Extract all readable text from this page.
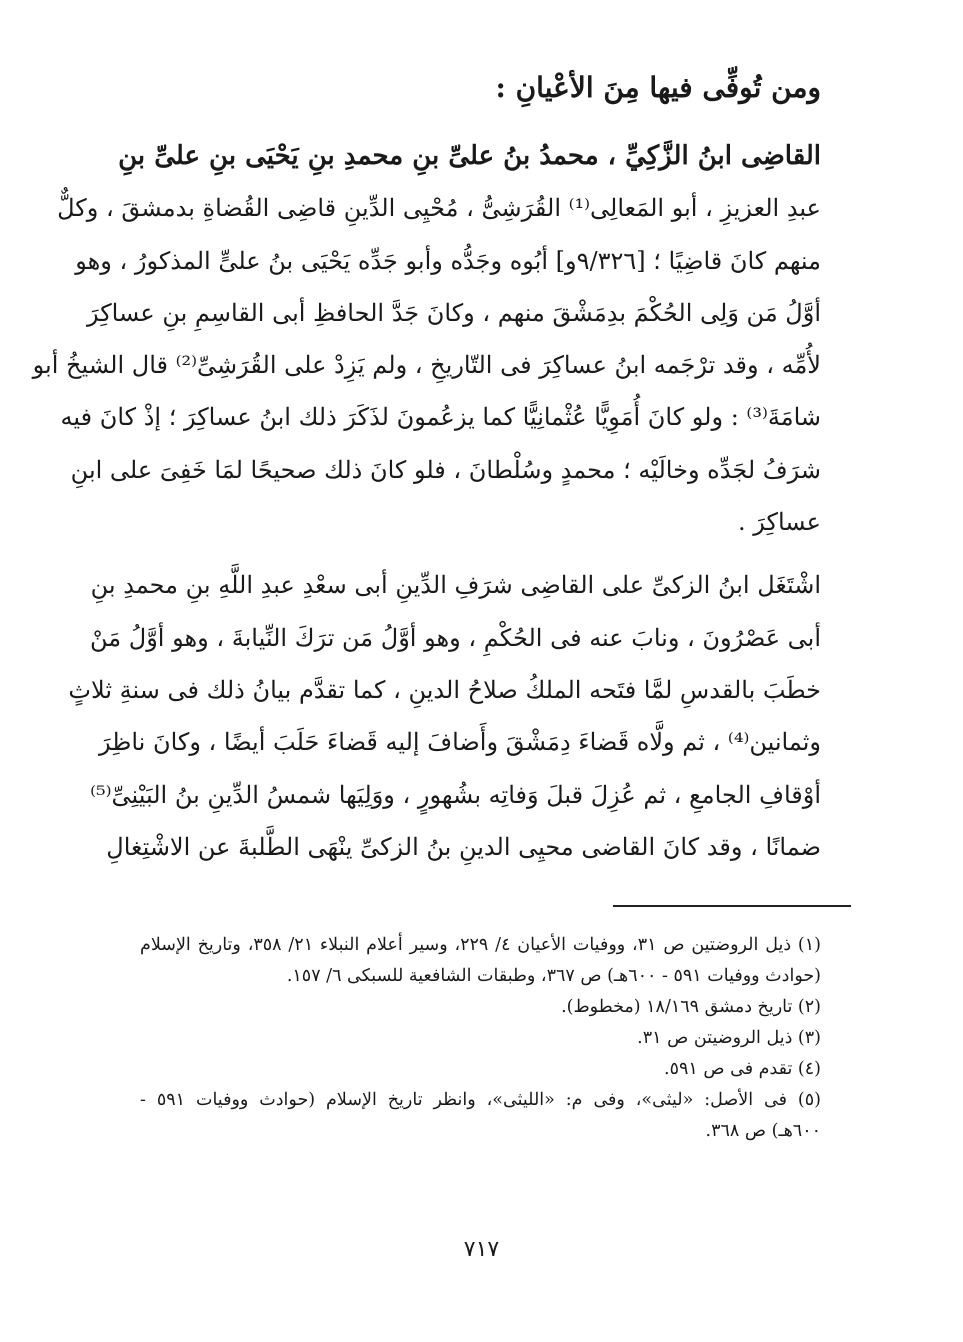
ومن تُوفِّى فيها مِنَ الأعْيانِ :
القاضِى ابنُ الزَّكِيِّ ، محمدُ بنُ علىِّ بنِ محمدِ بنِ يَحْيَى بنِ علىِّ بنِ
عبدِ العزيزِ ، أبو المَعالِى⁽¹⁾ القُرَشِىُّ ، مُحْيِى الدِّينِ قاضِى القُضاةِ بدمشقَ ، وكلٌّ
منهم كانَ قاضِيًا ؛ [٩/٣٢٦و] أبُوه وجَدُّه وأبو جَدِّه يَحْيَى بنُ علىٍّ المذكورُ ، وهو
أوَّلُ مَن وَلِى الحُكْمَ بدِمَشْقَ منهم ، وكانَ جَدَّ الحافظِ أبى القاسِمِ بنِ عساكِرَ
لأُمِّه ، وقد ترْجَمه ابنُ عساكِرَ فى التّاريخِ ، ولم يَزِدْ على القُرَشِىِّ⁽²⁾ قال الشيخُ أبو
شامَةَ⁽³⁾ : ولو كانَ أُمَوِيًّا عُثْمانِيًّا كما يزعُمونَ لذَكَرَ ذلك ابنُ عساكِرَ ؛ إذْ كانَ فيه
شرَفُ لجَدِّه وخالَيْه ؛ محمدٍ وسُلْطانَ ، فلو كانَ ذلك صحيحًا لمَا خَفِىَ على ابنِ
عساكِرَ .
اشْتَغَل ابنُ الزكىِّ على القاضِى شرَفِ الدِّينِ أبى سعْدِ عبدِ اللَّهِ بنِ محمدِ بنِ
أبى عَصْرُونَ ، ونابَ عنه فى الحُكْمِ ، وهو أوَّلُ مَن ترَكَ النِّيابةَ ، وهو أوَّلُ مَنْ
خطَبَ بالقدسِ لمَّا فتَحه الملكُ صلاحُ الدينِ ، كما تقدَّم بيانُ ذلك فى سنةِ ثلاثٍ
وثمانين⁽⁴⁾ ، ثم ولَّاه قَضاءَ دِمَشْقَ وأَضافَ إليه قَضاءَ حَلَبَ أيضًا ، وكانَ ناظِرَ
أوْقافِ الجامعِ ، ثم عُزِلَ قبلَ وَفاتِه بشُهورٍ ، ووَلِيَها شمسُ الدِّينِ بنُ البَيْنِىِّ⁽⁵⁾
ضمانًا ، وقد كانَ القاضى محيِى الدينِ بنُ الزكىِّ ينْهَى الطَّلبةَ عن الاشْتِغالِ
(١) ذيل الروضتين ص ٣١، ووفيات الأعيان ٤/ ٢٢٩، وسير أعلام النبلاء ٢١/ ٣٥٨، وتاريخ الإسلام
(حوادث ووفيات ٥٩١ - ٦٠٠هـ) ص ٣٦٧، وطبقات الشافعية للسبكى ٦/ ١٥٧.
(٢) تاريخ دمشق ١٨/١٦٩ (مخطوط).
(٣) ذيل الروضيتن ص ٣١.
(٤) تقدم فى ص ٥٩١.
(٥) فى الأصل: «ليثى»، وفى م: «الليثى»، وانظر تاريخ الإسلام (حوادث ووفيات ٥٩١ -
٦٠٠هـ) ص ٣٦٨.
٧١٧
